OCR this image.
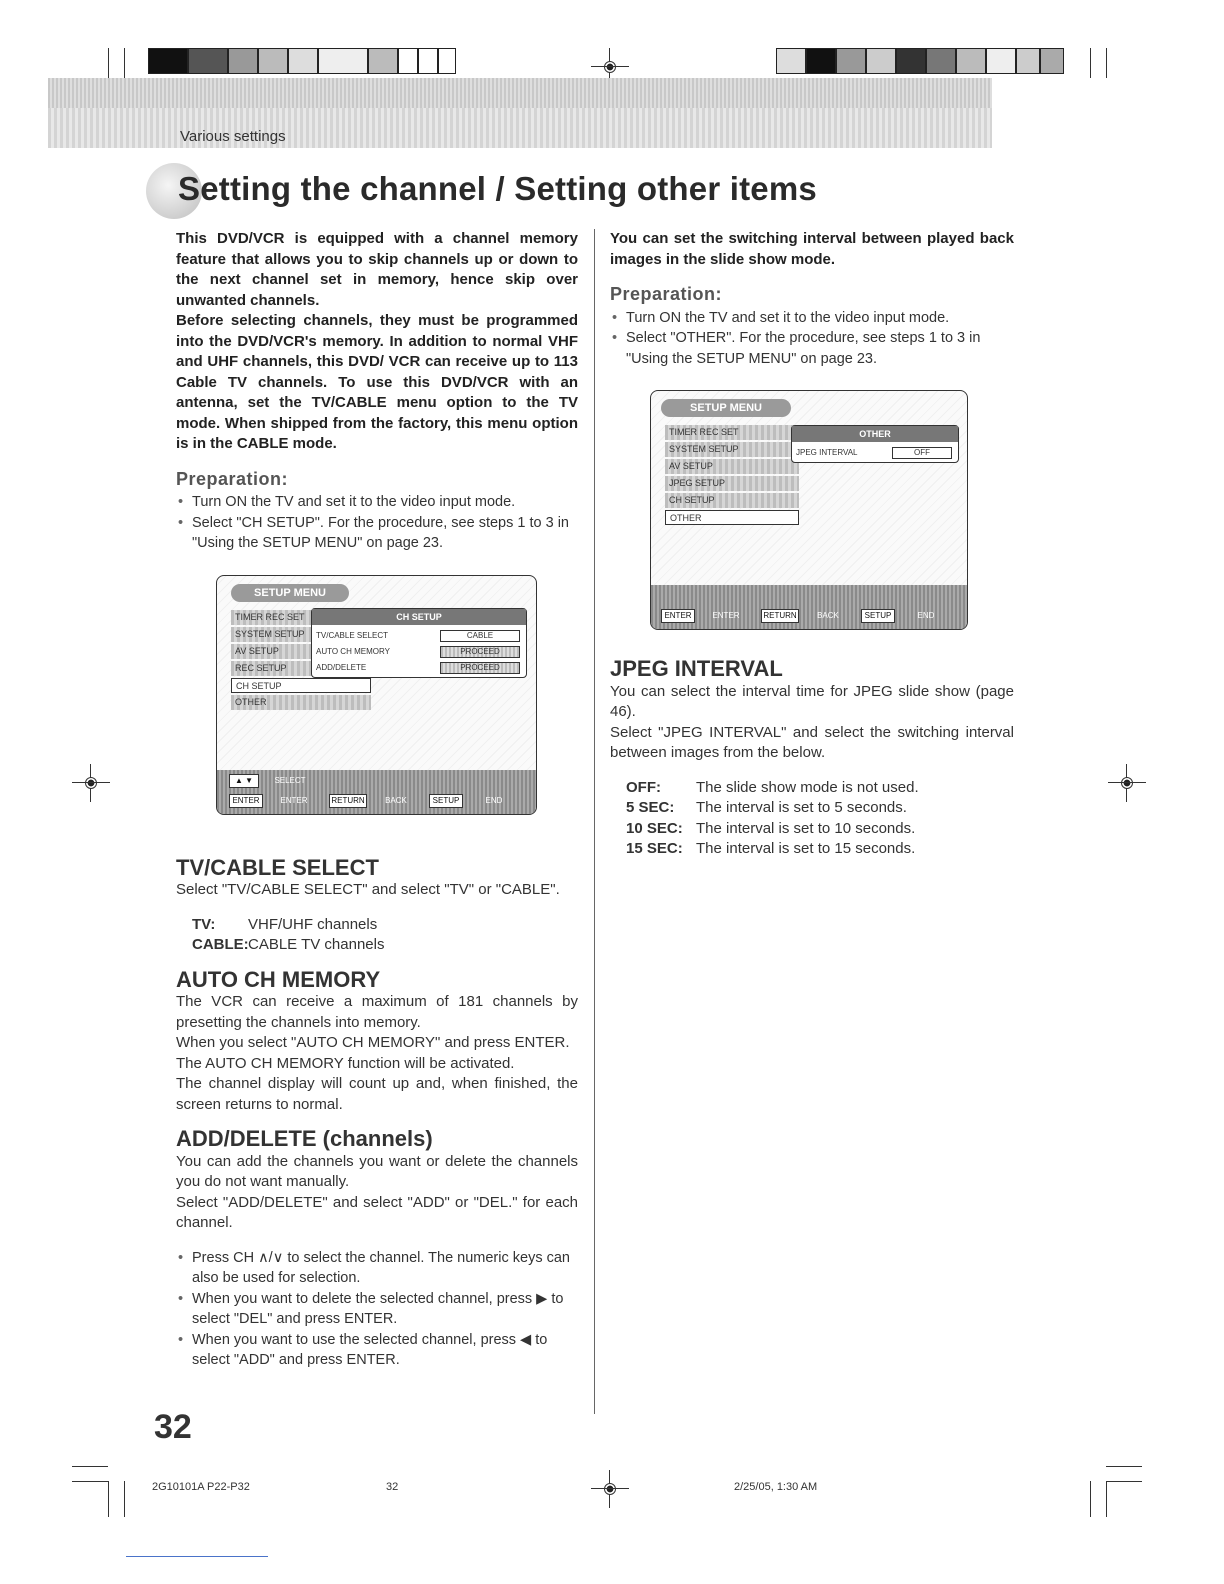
Various settings
Setting the channel / Setting other items

This DVD/VCR is equipped with a channel memory feature that allows you to skip channels up or down to the next channel set in memory, hence skip over unwanted channels.

Before selecting channels, they must be programmed into the DVD/VCR's memory. In addition to normal VHF and UHF channels, this DVD/ VCR can receive up to 113 Cable TV channels. To use this DVD/VCR with an antenna, set the TV/CABLE menu option to the TV mode. When shipped from the factory, this menu option is in the CABLE mode.

Preparation:
• Turn ON the TV and set it to the video input mode.
• Select "CH SETUP". For the procedure, see steps 1 to 3 in "Using the SETUP MENU" on page 23.
TV/CABLE SELECT

Select "TV/CABLE SELECT" and select "TV" or "CABLE".

TV:	VHF/UHF channels
CABLE: CABLE TV channels
AUTO CH MEMORY

The VCR can receive a maximum of 181 channels by presetting the channels into memory.

When you select "AUTO CH MEMORY" and press ENTER.

The AUTO CH MEMORY function will be activated.

The channel display will count up and, when finished, the screen returns to normal.

ADD/DELETE (channels)

You can add the channels you want or delete the channels you do not want manually.

Select "ADD/DELETE" and select "ADD" or "DEL." for each channel.

• Press CH ∧/∨ to select the channel. The numeric keys can also be used for selection.
• When you want to delete the selected channel, press ▶ to select "DEL" and press ENTER.
• When you want to use the selected channel, press ◀ to select "ADD" and press ENTER.
SETUP MENU
TIMER REC SET
SYSTEM SETUP
AV SETUP
REC SETUP
CH SETUP
OTHER
CH SETUP
TV/CABLE SELECT	CABLE
AUTO CH MEMORY	PROCEED
ADD/DELETE	PROCEED
▲ ▼	SELECT
ENTER	ENTER	RETURN	BACK	SETUP	END

You can set the switching interval between played back images in the slide show mode.

Preparation:
• Turn ON the TV and set it to the video input mode.
• Select "OTHER". For the procedure, see steps 1 to 3 in "Using the SETUP MENU" on page 23.
JPEG INTERVAL

You can select the interval time for JPEG slide show (page 46).

Select "JPEG INTERVAL" and select the switching interval between images from the below.

OFF:	The slide show mode is not used.
5 SEC:	The interval is set to 5 seconds.
10 SEC: The interval is set to 10 seconds.
15 SEC: The interval is set to 15 seconds.
SETUP MENU
TIMER REC SET
SYSTEM SETUP
AV SETUP
JPEG SETUP
CH SETUP
OTHER
OTHER
JPEG INTERVAL	OFF
ENTER	ENTER	RETURN	BACK	SETUP	END
32
2G10101A P22-P32	32	2/25/05, 1:30 AM
